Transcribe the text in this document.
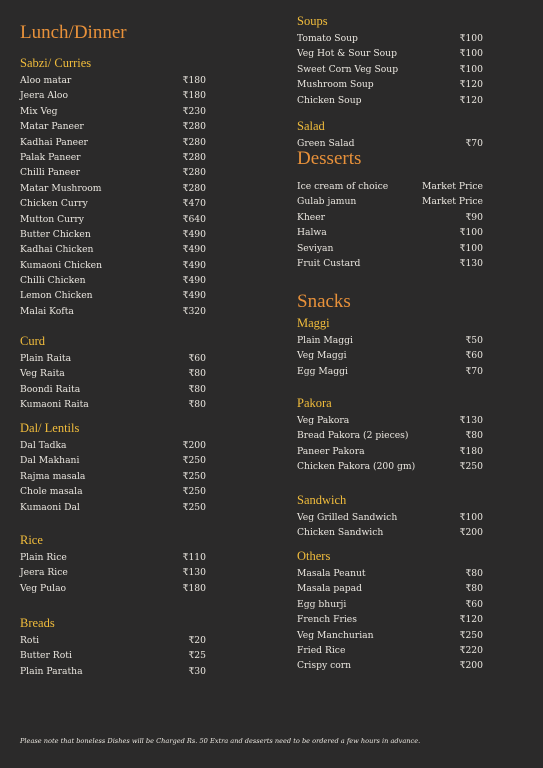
Lunch/Dinner
Sabzi/ Curries
Aloo matar	₹180
Jeera Aloo	₹180
Mix Veg	₹230
Matar Paneer	₹280
Kadhai Paneer	₹280
Palak Paneer	₹280
Chilli Paneer	₹280
Matar Mushroom	₹280
Chicken Curry	₹470
Mutton Curry	₹640
Butter Chicken	₹490
Kadhai Chicken	₹490
Kumaoni Chicken	₹490
Chilli Chicken	₹490
Lemon Chicken	₹490
Malai Kofta	₹320
Curd
Plain Raita	₹60
Veg Raita	₹80
Boondi Raita	₹80
Kumaoni Raita	₹80
Dal/ Lentils
Dal Tadka	₹200
Dal Makhani	₹250
Rajma masala	₹250
Chole masala	₹250
Kumaoni Dal	₹250
Rice
Plain Rice	₹110
Jeera Rice	₹130
Veg Pulao	₹180
Breads
Roti	₹20
Butter Roti	₹25
Plain Paratha	₹30
Soups
Tomato Soup	₹100
Veg Hot & Sour Soup	₹100
Sweet Corn Veg Soup	₹100
Mushroom Soup	₹120
Chicken Soup	₹120
Salad
Green Salad	₹70
Desserts
Ice cream of choice	Market Price
Gulab jamun	Market Price
Kheer	₹90
Halwa	₹100
Seviyan	₹100
Fruit Custard	₹130
Snacks
Maggi
Plain Maggi	₹50
Veg Maggi	₹60
Egg Maggi	₹70
Pakora
Veg Pakora	₹130
Bread Pakora (2 pieces)	₹80
Paneer Pakora	₹180
Chicken Pakora (200 gm)	₹250
Sandwich
Veg Grilled Sandwich	₹100
Chicken Sandwich	₹200
Others
Masala Peanut	₹80
Masala papad	₹80
Egg bhurji	₹60
French Fries	₹120
Veg Manchurian	₹250
Fried Rice	₹220
Crispy corn	₹200
Please note that boneless Dishes will be Charged Rs. 50 Extra and desserts need to be ordered a few hours in advance.
